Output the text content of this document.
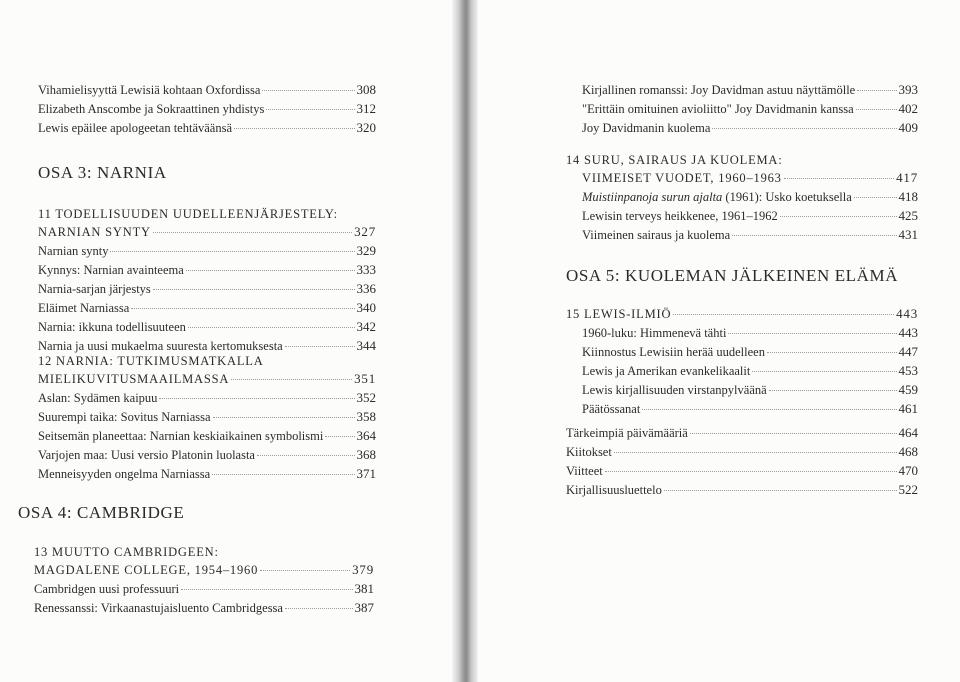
Vihamielisyyttä Lewisiä kohtaan Oxfordissa	308
Elizabeth Anscombe ja Sokraattinen yhdistys	312
Lewis epäilee apologeetan tehtäväänsä	320
OSA 3: NARNIA
11 TODELLISUUDEN UUDELLEENJÄRJESTELY:
NARNIAN SYNTY	327
Narnian synty	329
Kynnys: Narnian avainteema	333
Narnia-sarjan järjestys	336
Eläimet Narniassa	340
Narnia: ikkuna todellisuuteen	342
Narnia ja uusi mukaelma suuresta kertomuksesta	344
12 NARNIA: TUTKIMUSMATKALLA
MIELIKUVITUSMAAILMASSA	351
Aslan: Sydämen kaipuu	352
Suurempi taika: Sovitus Narniassa	358
Seitsemän planeettaa: Narnian keskiaikainen symbolismi	364
Varjojen maa: Uusi versio Platonin luolasta	368
Menneisyyden ongelma Narniassa	371
OSA 4: CAMBRIDGE
13 MUUTTO CAMBRIDGEEN:
MAGDALENE COLLEGE, 1954–1960	379
Cambridgen uusi professuuri	381
Renessanssi: Virkaanastujaisluento Cambridgessa	387
Kirjallinen romanssi: Joy Davidman astuu näyttämölle	393
"Erittäin omituinen avioliitto" Joy Davidmanin kanssa	402
Joy Davidmanin kuolema	409
14 SURU, SAIRAUS JA KUOLEMA:
VIIMEISET VUODET, 1960–1963	417
Muistiinpanoja surun ajalta (1961): Usko koetuksella	418
Lewisin terveys heikkenee, 1961–1962	425
Viimeinen sairaus ja kuolema	431
OSA 5: KUOLEMAN JÄLKEINEN ELÄMÄ
15 LEWIS-ILMIÖ	443
1960-luku: Himmenevä tähti	443
Kiinnostus Lewisiin herää uudelleen	447
Lewis ja Amerikan evankelikaalit	453
Lewis kirjallisuuden virstanpylväänä	459
Päätössanat	461
Tärkeimpiä päivämääriä	464
Kiitokset	468
Viitteet	470
Kirjallisuusluettelo	522
